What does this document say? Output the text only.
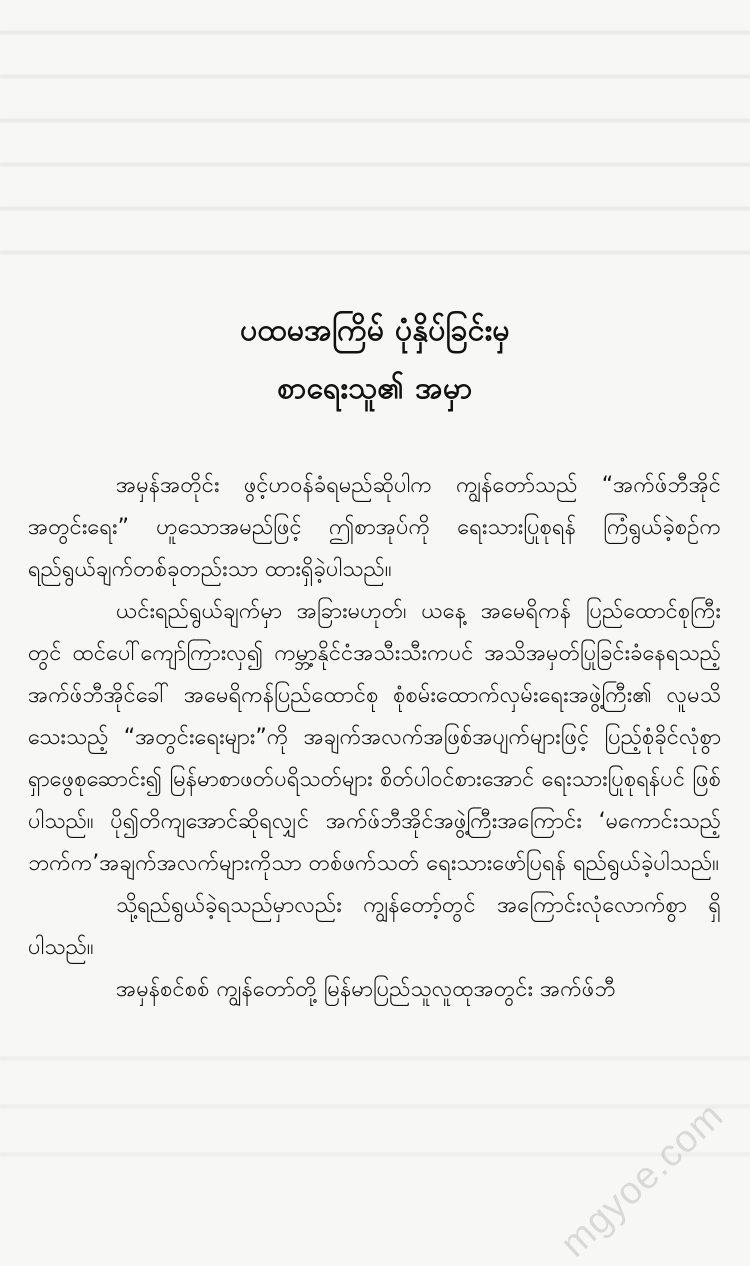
ပထမအကြိမ် ပုံနှိပ်ခြင်းမှ
စာရေးသူ၏ အမှာ

အမှန်အတိုင်း ဖွင့်ဟဝန်ခံရမည်ဆိုပါက ကျွန်တော်သည် “အက်ဖ်ဘီအိုင် အတွင်းရေး” ဟူသောအမည်ဖြင့် ဤစာအုပ်ကို ရေးသားပြုစုရန် ကြံရွယ်ခဲ့စဉ်က ရည်ရွယ်ချက်တစ်ခုတည်းသာ ထားရှိခဲ့ပါသည်။

ယင်းရည်ရွယ်ချက်မှာ အခြားမဟုတ်၊ ယနေ့ အမေရိကန် ပြည်ထောင်စုကြီးတွင် ထင်ပေါ်ကျော်ကြားလှ၍ ကမ္ဘာ့နိုင်ငံအသီးသီးကပင် အသိအမှတ်ပြုခြင်းခံနေရသည့် အက်ဖ်ဘီအိုင်ခေါ် အမေရိကန်ပြည်ထောင်စု စုံစမ်းထောက်လှမ်းရေးအဖွဲ့ကြီး၏ လူမသိသေးသည့် “အတွင်းရေးများ”ကို အချက်အလက်အဖြစ်အပျက်များဖြင့် ပြည့်စုံခိုင်လုံစွာ ရှာဖွေစုဆောင်း၍ မြန်မာစာဖတ်ပရိသတ်များ စိတ်ပါဝင်စားအောင် ရေးသားပြုစုရန်ပင် ဖြစ်ပါသည်။ ပို၍တိကျအောင်ဆိုရလျှင် အက်ဖ်ဘီအိုင်အဖွဲ့ကြီးအကြောင်း ‘မကောင်းသည့်ဘက်က’အချက်အလက်များကိုသာ တစ်ဖက်သတ် ရေးသားဖော်ပြရန် ရည်ရွယ်ခဲ့ပါသည်။

သို့ရည်ရွယ်ခဲ့ရသည်မှာလည်း ကျွန်တော့်တွင် အကြောင်းလုံလောက်စွာ ရှိပါသည်။

အမှန်စင်စစ် ကျွန်တော်တို့ မြန်မာပြည်သူလူထုအတွင်း အက်ဖ်ဘီ

mgyoe.com
